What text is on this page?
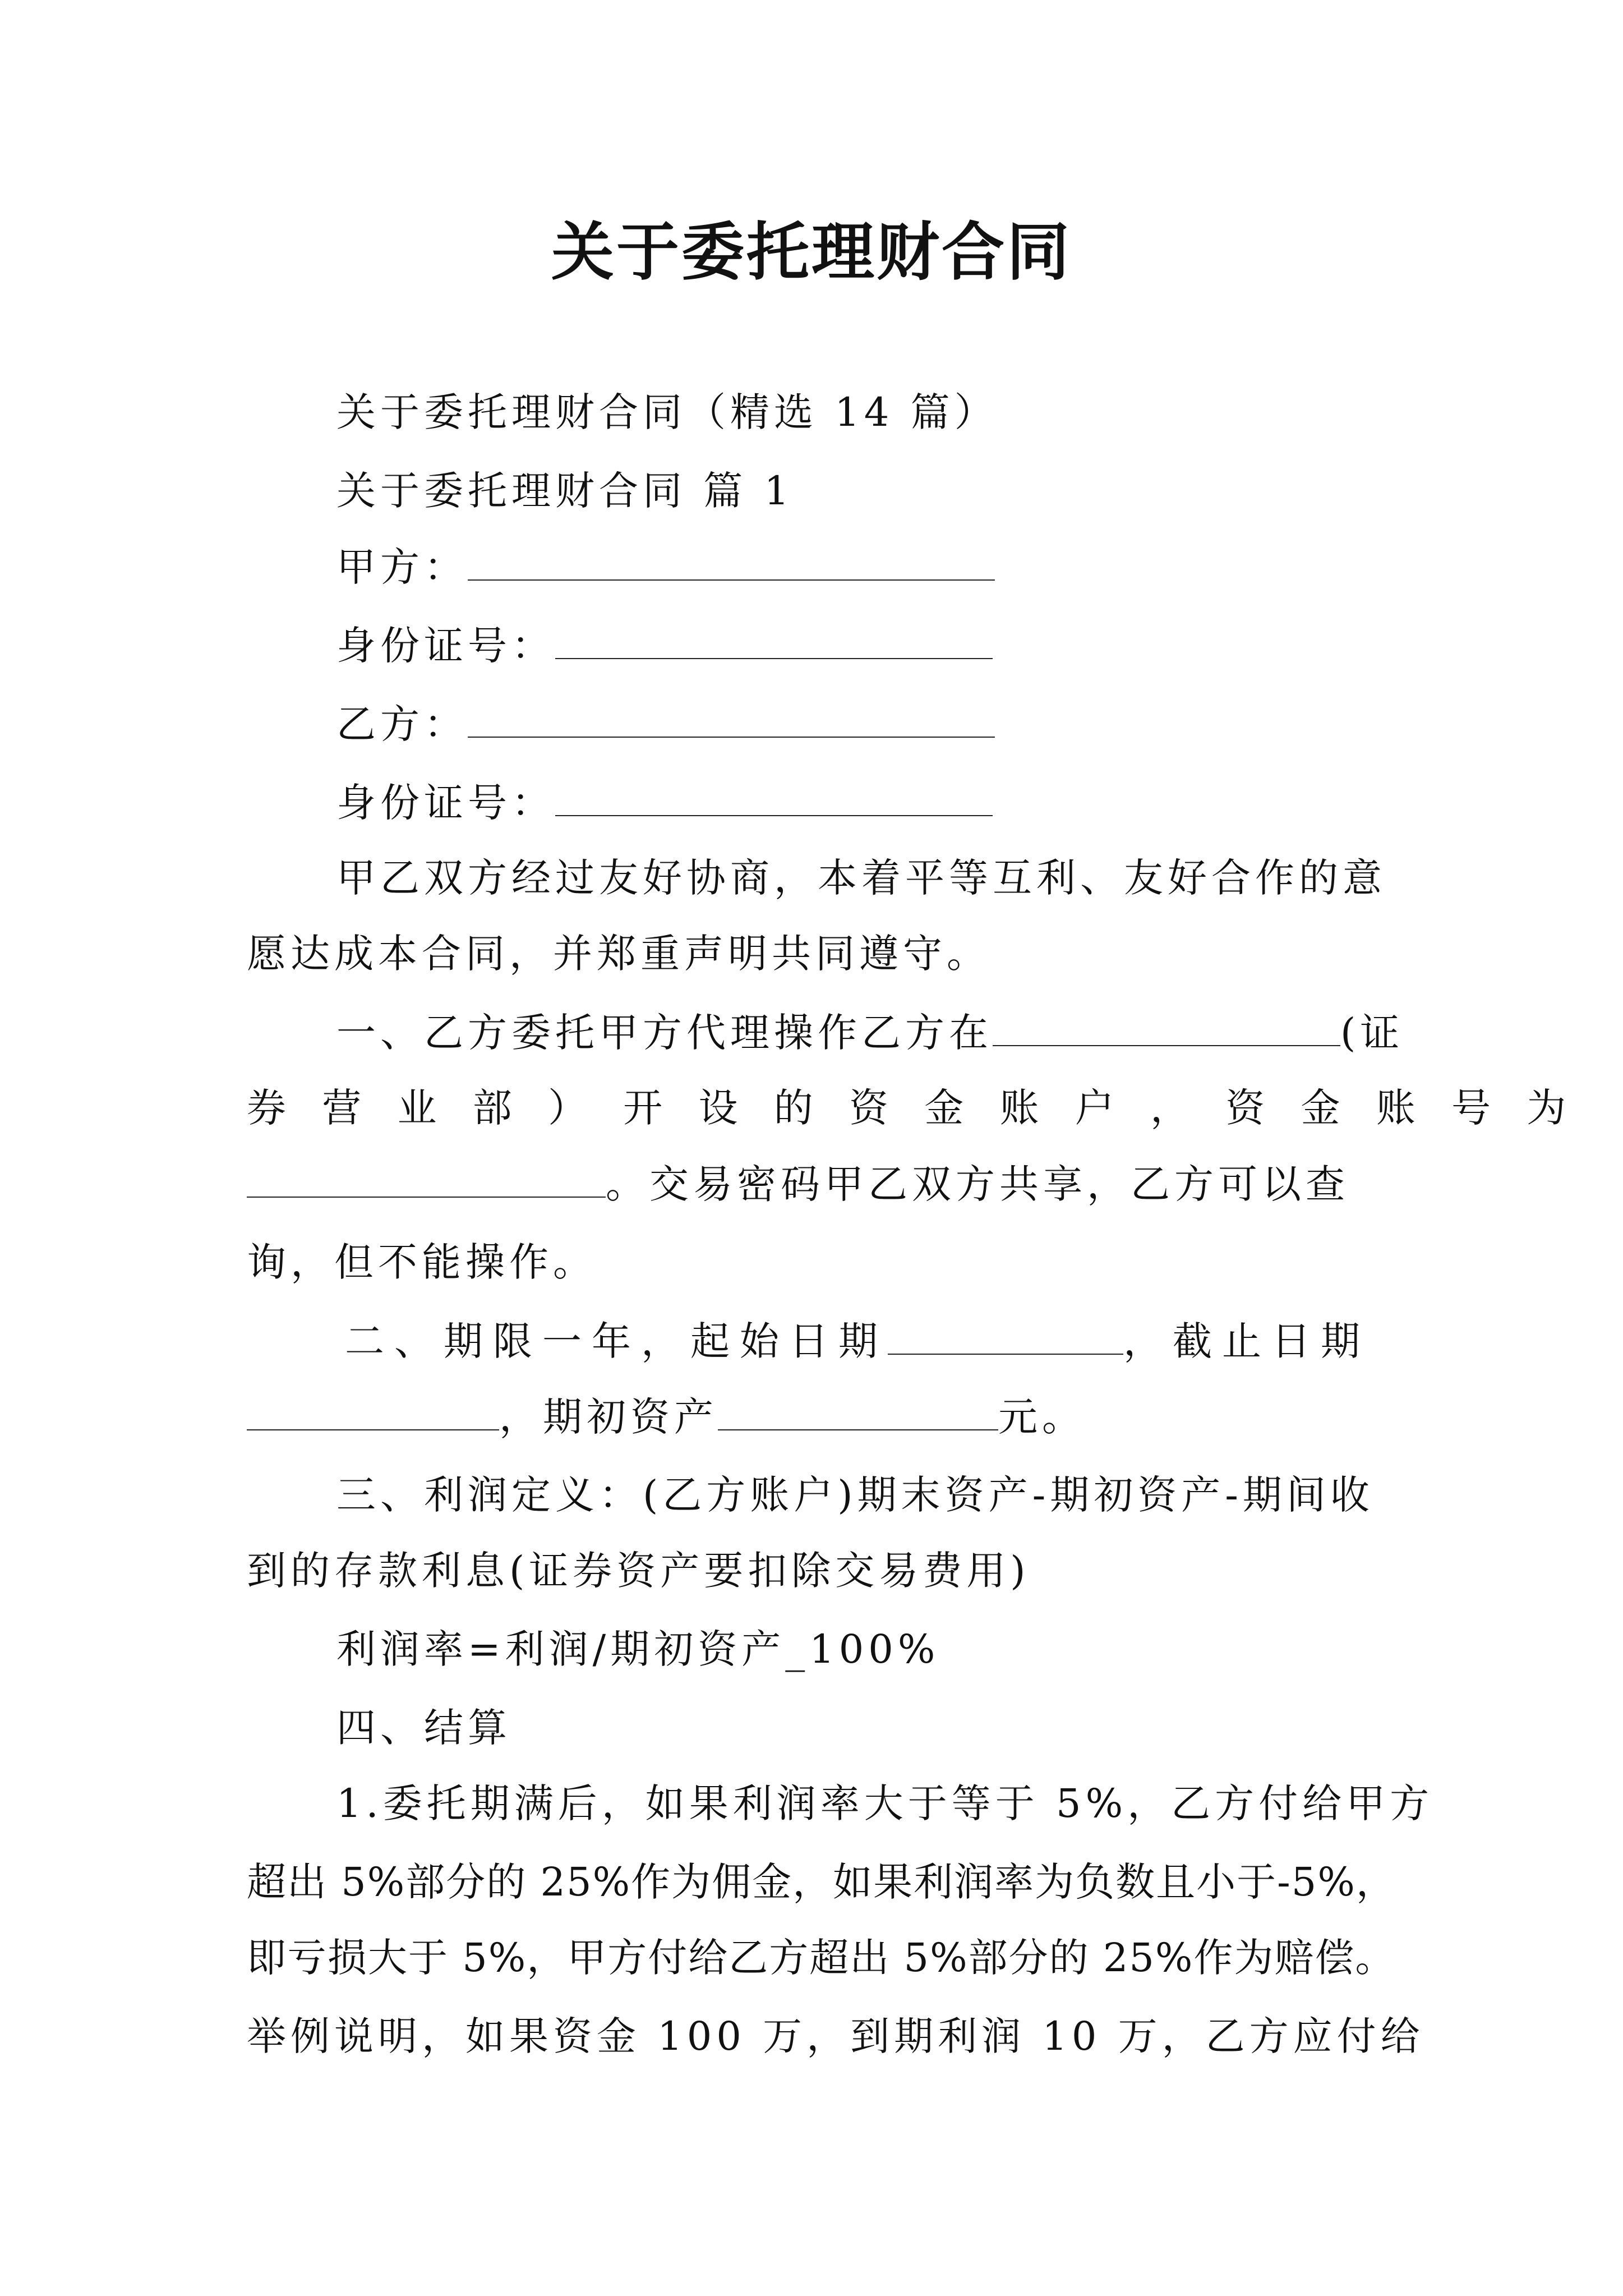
关于委托理财合同
关于委托理财合同（精选 14 篇）
关于委托理财合同 篇 1
甲方：
身份证号：
乙方：
身份证号：
甲乙双方经过友好协商，本着平等互利、友好合作的意
愿达成本合同，并郑重声明共同遵守。
一、乙方委托甲方代理操作乙方在	(证
券 营 业 部 ） 开 设 的 资 金 账 户 ， 资 金 账 号 为
。交易密码甲乙双方共享，乙方可以查
询，但不能操作。
二、期限一年，起始日期	，截止日期
，期初资产	元。
三、利润定义：(乙方账户)期末资产-期初资产-期间收
到的存款利息(证券资产要扣除交易费用)
利润率=利润/期初资产_100%
四、结算
1.委托期满后，如果利润率大于等于 5%，乙方付给甲方
超出 5%部分的 25%作为佣金，如果利润率为负数且小于-5%，
即亏损大于 5%，甲方付给乙方超出 5%部分的 25%作为赔偿。
举例说明，如果资金 100 万，到期利润 10 万，乙方应付给
